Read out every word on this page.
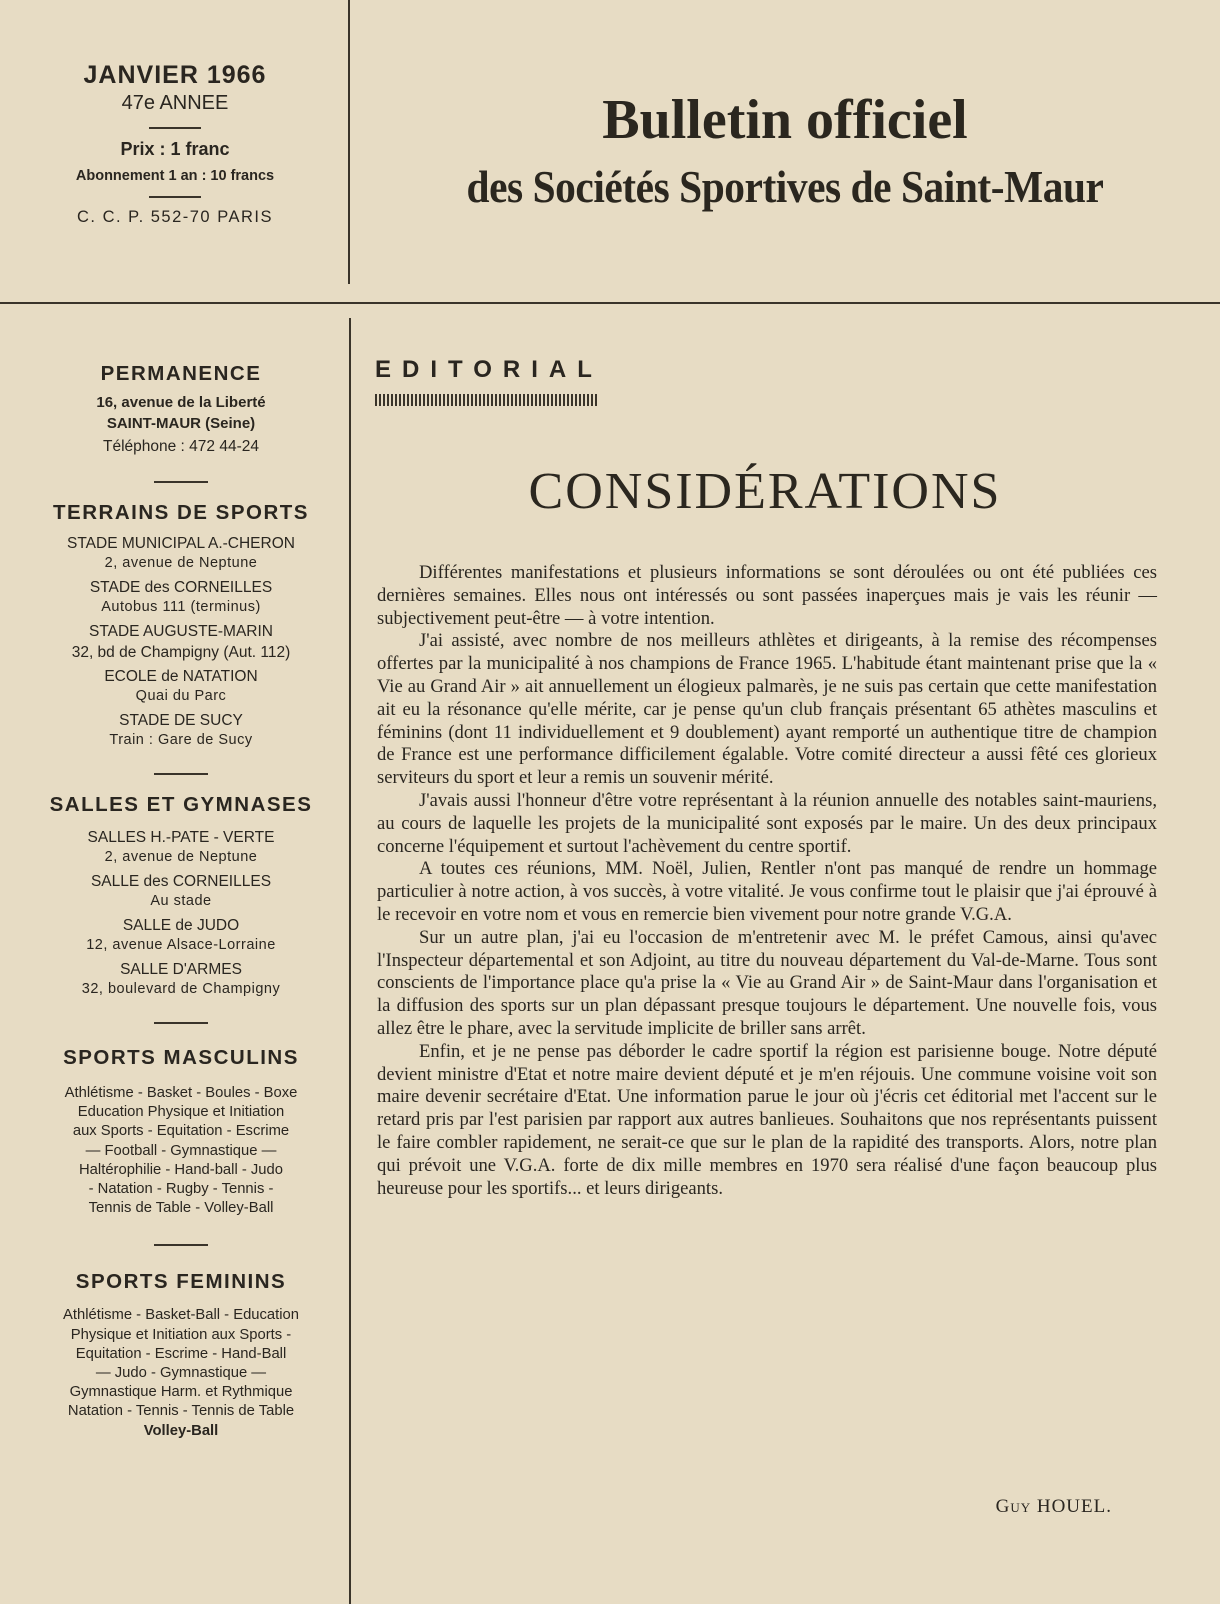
JANVIER 1966
47e ANNEE
Prix : 1 franc
Abonnement 1 an : 10 francs
C. C. P. 552-70 PARIS
Bulletin officiel
des Sociétés Sportives de Saint-Maur
PERMANENCE
16, avenue de la Liberté
SAINT-MAUR (Seine)
Téléphone : 472 44-24
TERRAINS DE SPORTS
STADE MUNICIPAL A.-CHERON
2, avenue de Neptune
STADE des CORNEILLES
Autobus 111 (terminus)
STADE AUGUSTE-MARIN
32, bd de Champigny (Aut. 112)
ECOLE de NATATION
Quai du Parc
STADE DE SUCY
Train : Gare de Sucy
SALLES ET GYMNASES
SALLES H.-PATE - VERTE
2, avenue de Neptune
SALLE des CORNEILLES
Au stade
SALLE de JUDO
12, avenue Alsace-Lorraine
SALLE D'ARMES
32, boulevard de Champigny
SPORTS MASCULINS
Athlétisme - Basket - Boules - Boxe
Education Physique et Initiation
aux Sports - Equitation - Escrime
— Football - Gymnastique —
Haltérophilie - Hand-ball - Judo
- Natation - Rugby - Tennis -
Tennis de Table - Volley-Ball
SPORTS FEMININS
Athlétisme - Basket-Ball - Education
Physique et Initiation aux Sports -
Equitation - Escrime - Hand-Ball
— Judo - Gymnastique —
Gymnastique Harm. et Rythmique
Natation - Tennis - Tennis de Table
Volley-Ball
EDITORIAL
CONSIDÉRATIONS

Différentes manifestations et plusieurs informations se sont déroulées ou ont été publiées ces dernières semaines. Elles nous ont intéressés ou sont passées inaperçues mais je vais les réunir — subjectivement peut-être — à votre intention.

J'ai assisté, avec nombre de nos meilleurs athlètes et dirigeants, à la remise des récompenses offertes par la municipalité à nos champions de France 1965. L'habitude étant maintenant prise que la « Vie au Grand Air » ait annuellement un élogieux palmarès, je ne suis pas certain que cette manifestation ait eu la résonance qu'elle mérite, car je pense qu'un club français présentant 65 athètes masculins et féminins (dont 11 individuellement et 9 doublement) ayant remporté un authentique titre de champion de France est une performance difficilement égalable. Votre comité directeur a aussi fêté ces glorieux serviteurs du sport et leur a remis un souvenir mérité.

J'avais aussi l'honneur d'être votre représentant à la réunion annuelle des notables saint-mauriens, au cours de laquelle les projets de la municipalité sont exposés par le maire. Un des deux principaux concerne l'équipement et surtout l'achèvement du centre sportif.

A toutes ces réunions, MM. Noël, Julien, Rentler n'ont pas manqué de rendre un hommage particulier à notre action, à vos succès, à votre vitalité. Je vous confirme tout le plaisir que j'ai éprouvé à le recevoir en votre nom et vous en remercie bien vivement pour notre grande V.G.A.

Sur un autre plan, j'ai eu l'occasion de m'entretenir avec M. le préfet Camous, ainsi qu'avec l'Inspecteur départemental et son Adjoint, au titre du nouveau département du Val-de-Marne. Tous sont conscients de l'importance place qu'a prise la « Vie au Grand Air » de Saint-Maur dans l'organisation et la diffusion des sports sur un plan dépassant presque toujours le département. Une nouvelle fois, vous allez être le phare, avec la servitude implicite de briller sans arrêt.

Enfin, et je ne pense pas déborder le cadre sportif la région est parisienne bouge. Notre député devient ministre d'Etat et notre maire devient député et je m'en réjouis. Une commune voisine voit son maire devenir secrétaire d'Etat. Une information parue le jour où j'écris cet éditorial met l'accent sur le retard pris par l'est parisien par rapport aux autres banlieues. Souhaitons que nos représentants puissent le faire combler rapidement, ne serait-ce que sur le plan de la rapidité des transports. Alors, notre plan qui prévoit une V.G.A. forte de dix mille membres en 1970 sera réalisé d'une façon beaucoup plus heureuse pour les sportifs... et leurs dirigeants.

Guy HOUEL.
